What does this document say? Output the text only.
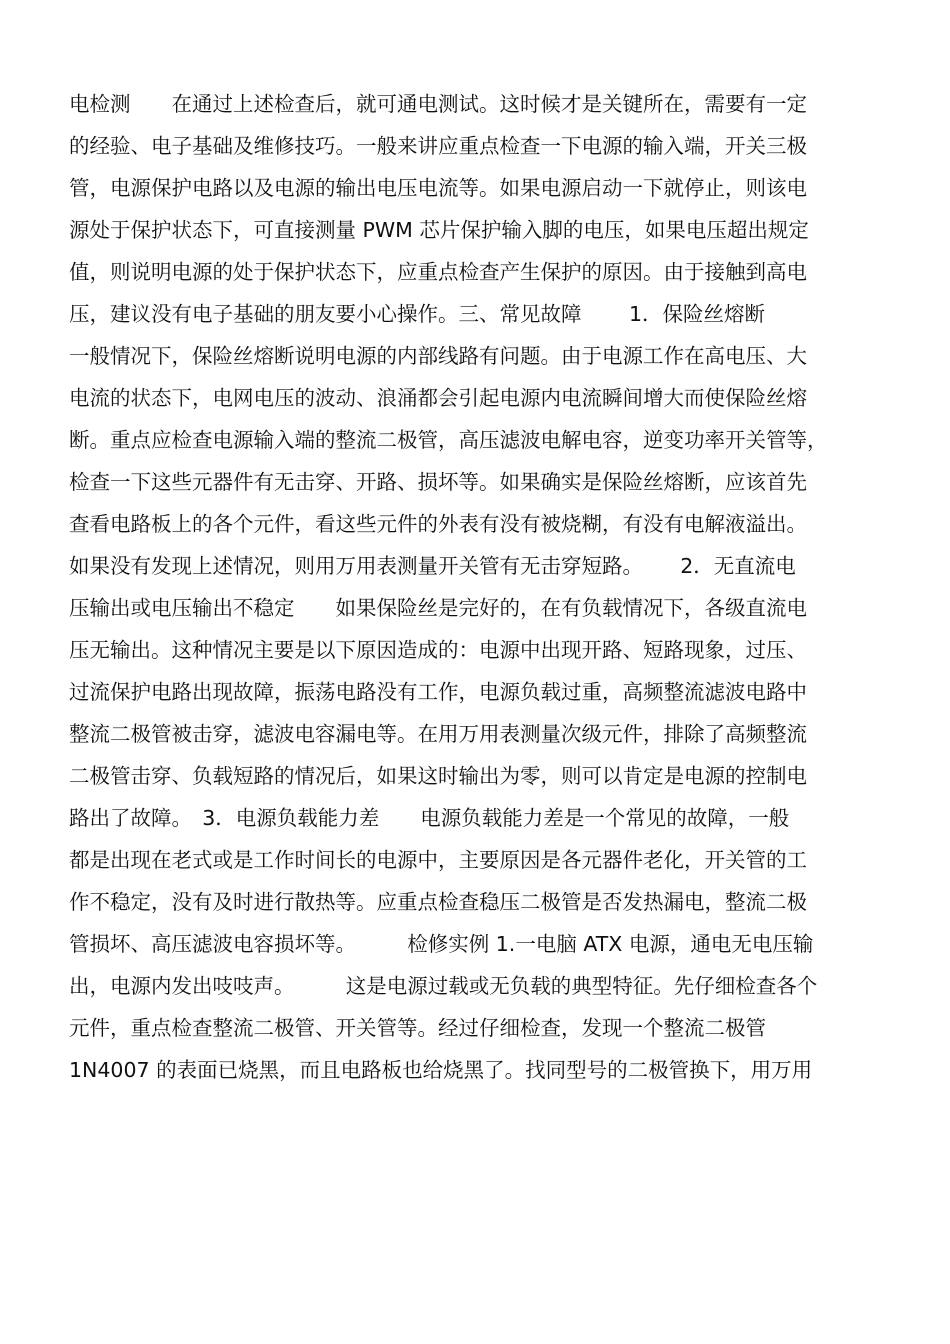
电检测　　在通过上述检查后，就可通电测试。这时候才是关键所在，需要有一定
的经验、电子基础及维修技巧。一般来讲应重点检查一下电源的输入端，开关三极
管，电源保护电路以及电源的输出电压电流等。如果电源启动一下就停止，则该电
源处于保护状态下，可直接测量 PWM 芯片保护输入脚的电压，如果电压超出规定
值，则说明电源的处于保护状态下，应重点检查产生保护的原因。由于接触到高电
压，建议没有电子基础的朋友要小心操作。三、常见故障　　 1．保险丝熔断
一般情况下，保险丝熔断说明电源的内部线路有问题。由于电源工作在高电压、大
电流的状态下，电网电压的波动、浪涌都会引起电源内电流瞬间增大而使保险丝熔
断。重点应检查电源输入端的整流二极管，高压滤波电解电容，逆变功率开关管等，
检查一下这些元器件有无击穿、开路、损坏等。如果确实是保险丝熔断，应该首先
查看电路板上的各个元件，看这些元件的外表有没有被烧糊，有没有电解液溢出。
如果没有发现上述情况，则用万用表测量开关管有无击穿短路。　　 2．无直流电
压输出或电压输出不稳定　　如果保险丝是完好的，在有负载情况下，各级直流电
压无输出。这种情况主要是以下原因造成的：电源中出现开路、短路现象，过压、
过流保护电路出现故障，振荡电路没有工作，电源负载过重，高频整流滤波电路中
整流二极管被击穿，滤波电容漏电等。在用万用表测量次级元件，排除了高频整流
二极管击穿、负载短路的情况后，如果这时输出为零，则可以肯定是电源的控制电
路出了故障。　3．电源负载能力差　　电源负载能力差是一个常见的故障，一般
都是出现在老式或是工作时间长的电源中，主要原因是各元器件老化，开关管的工
作不稳定，没有及时进行散热等。应重点检查稳压二极管是否发热漏电，整流二极
管损坏、高压滤波电容损坏等。　　　检修实例 1.一电脑 ATX 电源，通电无电压输
出，电源内发出吱吱声。　　　这是电源过载或无负载的典型特征。先仔细检查各个
元件，重点检查整流二极管、开关管等。经过仔细检查，发现一个整流二极管
1N4007 的表面已烧黑，而且电路板也给烧黑了。找同型号的二极管换下，用万用
